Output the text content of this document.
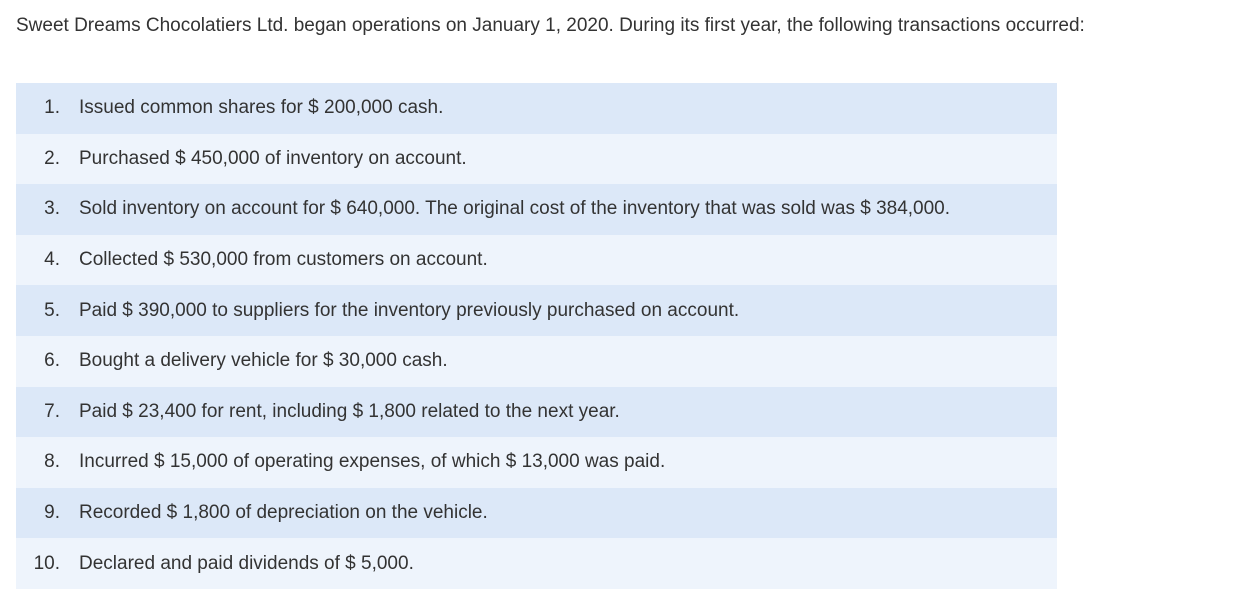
Sweet Dreams Chocolatiers Ltd. began operations on January 1, 2020. During its first year, the following transactions occurred:
1. Issued common shares for $ 200,000 cash.
2. Purchased $ 450,000 of inventory on account.
3. Sold inventory on account for $ 640,000. The original cost of the inventory that was sold was $ 384,000.
4. Collected $ 530,000 from customers on account.
5. Paid $ 390,000 to suppliers for the inventory previously purchased on account.
6. Bought a delivery vehicle for $ 30,000 cash.
7. Paid $ 23,400 for rent, including $ 1,800 related to the next year.
8. Incurred $ 15,000 of operating expenses, of which $ 13,000 was paid.
9. Recorded $ 1,800 of depreciation on the vehicle.
10. Declared and paid dividends of $ 5,000.
